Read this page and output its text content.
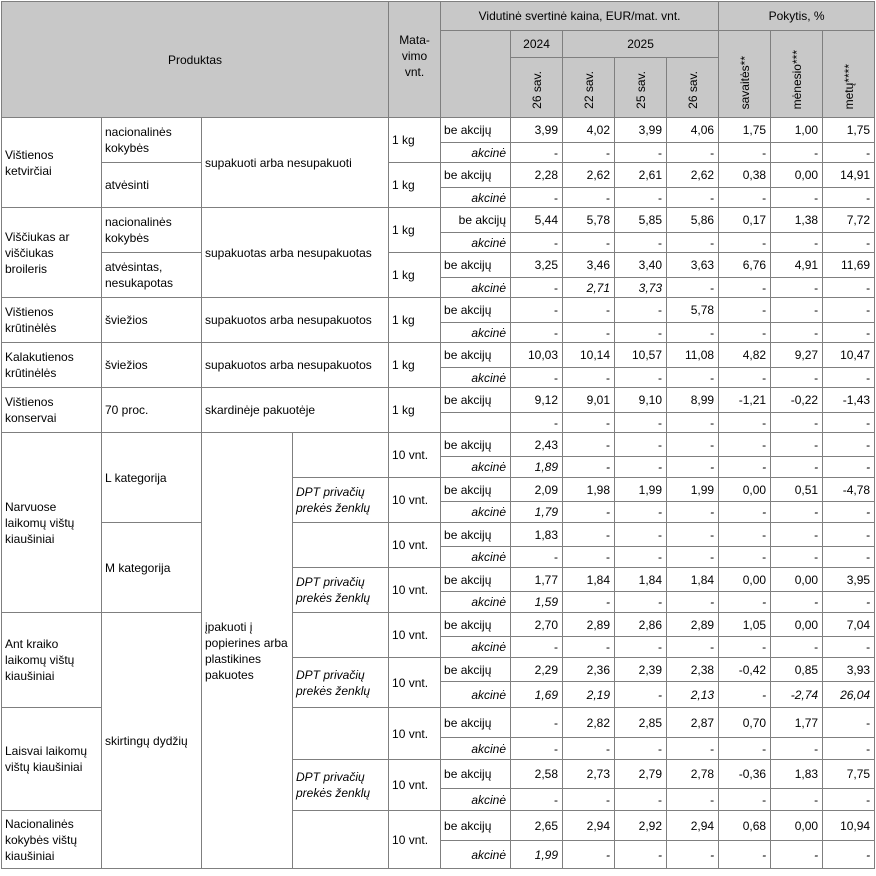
Produktas				Mata-vimo vnt.	Vidutinė svertinė kaina, EUR/mat. vnt.					Pokytis, %		
						2024	2025			savaitės**	mėnesio***	metų****
						26 sav.	22 sav.	25 sav.	26 sav.			
Vištienos ketvirčiai	nacionalinės kokybės	supakuoti arba nesupakuoti		1 kg	be akcijų	3,99	4,02	3,99	4,06	1,75	1,00	1,75
					akcinė	-	-	-	-	-	-	-
	atvėsinti			1 kg	be akcijų	2,28	2,62	2,61	2,62	0,38	0,00	14,91
					akcinė	-	-	-	-	-	-	-
Viščiukas ar viščiukas broileris	nacionalinės kokybės	supakuotas arba nesupakuotas		1 kg	be akcijų	5,44	5,78	5,85	5,86	0,17	1,38	7,72
					akcinė	-	-	-	-	-	-	-
	atvėsintas, nesukapotas			1 kg	be akcijų	3,25	3,46	3,40	3,63	6,76	4,91	11,69
					akcinė	-	2,71	3,73	-	-	-	-
Vištienos krūtinėlės	šviežios	supakuotos arba nesupakuotos		1 kg	be akcijų	-	-	-	5,78	-	-	-
					akcinė	-	-	-	-	-	-	-
Kalakutienos krūtinėlės	šviežios	supakuotos arba nesupakuotos		1 kg	be akcijų	10,03	10,14	10,57	11,08	4,82	9,27	10,47
					akcinė	-	-	-	-	-	-	-
Vištienos konservai	70 proc.	skardinėje pakuotėje		1 kg	be akcijų	9,12	9,01	9,10	8,99	-1,21	-0,22	-1,43
						-	-	-	-	-	-	-
Narvuose laikomų vištų kiaušiniai	L kategorija	įpakuoti į popierines arba plastikines pakuotes		10 vnt.	be akcijų	2,43	-	-	-	-	-	-
					akcinė	1,89	-	-	-	-	-	-
			DPT privačių prekės ženklų	10 vnt.	be akcijų	2,09	1,98	1,99	1,99	0,00	0,51	-4,78
					akcinė	1,79	-	-	-	-	-	-
	M kategorija			10 vnt.	be akcijų	1,83	-	-	-	-	-	-
					akcinė	-	-	-	-	-	-	-
			DPT privačių prekės ženklų	10 vnt.	be akcijų	1,77	1,84	1,84	1,84	0,00	0,00	3,95
					akcinė	1,59	-	-	-	-	-	-
Ant kraiko laikomų vištų kiaušiniai	skirtingų dydžių			10 vnt.	be akcijų	2,70	2,89	2,86	2,89	1,05	0,00	7,04
					akcinė	-	-	-	-	-	-	-
			DPT privačių prekės ženklų	10 vnt.	be akcijų	2,29	2,36	2,39	2,38	-0,42	0,85	3,93
					akcinė	1,69	2,19	-	2,13	-	-2,74	26,04
Laisvai laikomų vištų kiaušiniai				10 vnt.	be akcijų	-	2,82	2,85	2,87	0,70	1,77	-
					akcinė	-	-	-	-	-	-	-
			DPT privačių prekės ženklų	10 vnt.	be akcijų	2,58	2,73	2,79	2,78	-0,36	1,83	7,75
					akcinė	-	-	-	-	-	-	-
Nacionalinės kokybės vištų kiaušiniai				10 vnt.	be akcijų	2,65	2,94	2,92	2,94	0,68	0,00	10,94
					akcinė	1,99	-	-	-	-	-	-
